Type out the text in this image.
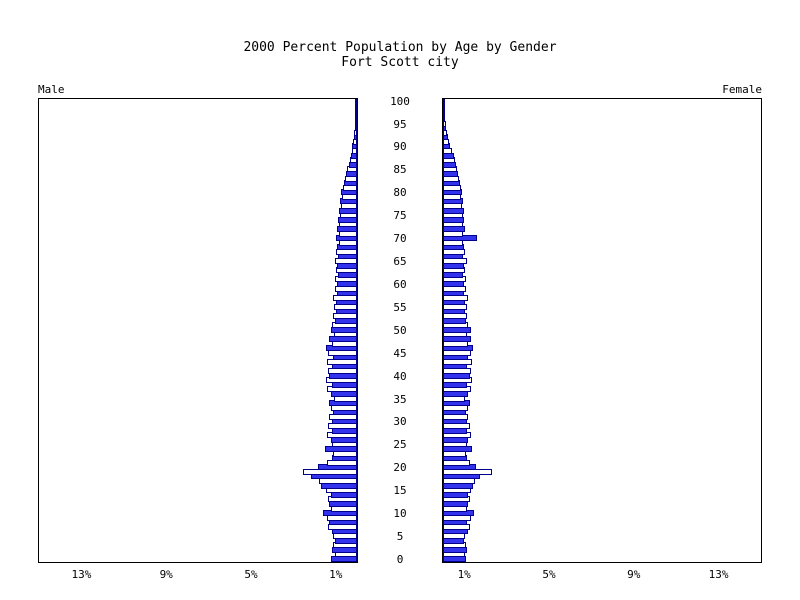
2000 Percent Population by Age by Gender
Fort Scott city
Male	Female
0
5
10
15
20
25
30
35
40
45
50
55
60
65
70
75
80
85
90
95
100
13%	9%	5%	1%	1%	5%	9%	13%
